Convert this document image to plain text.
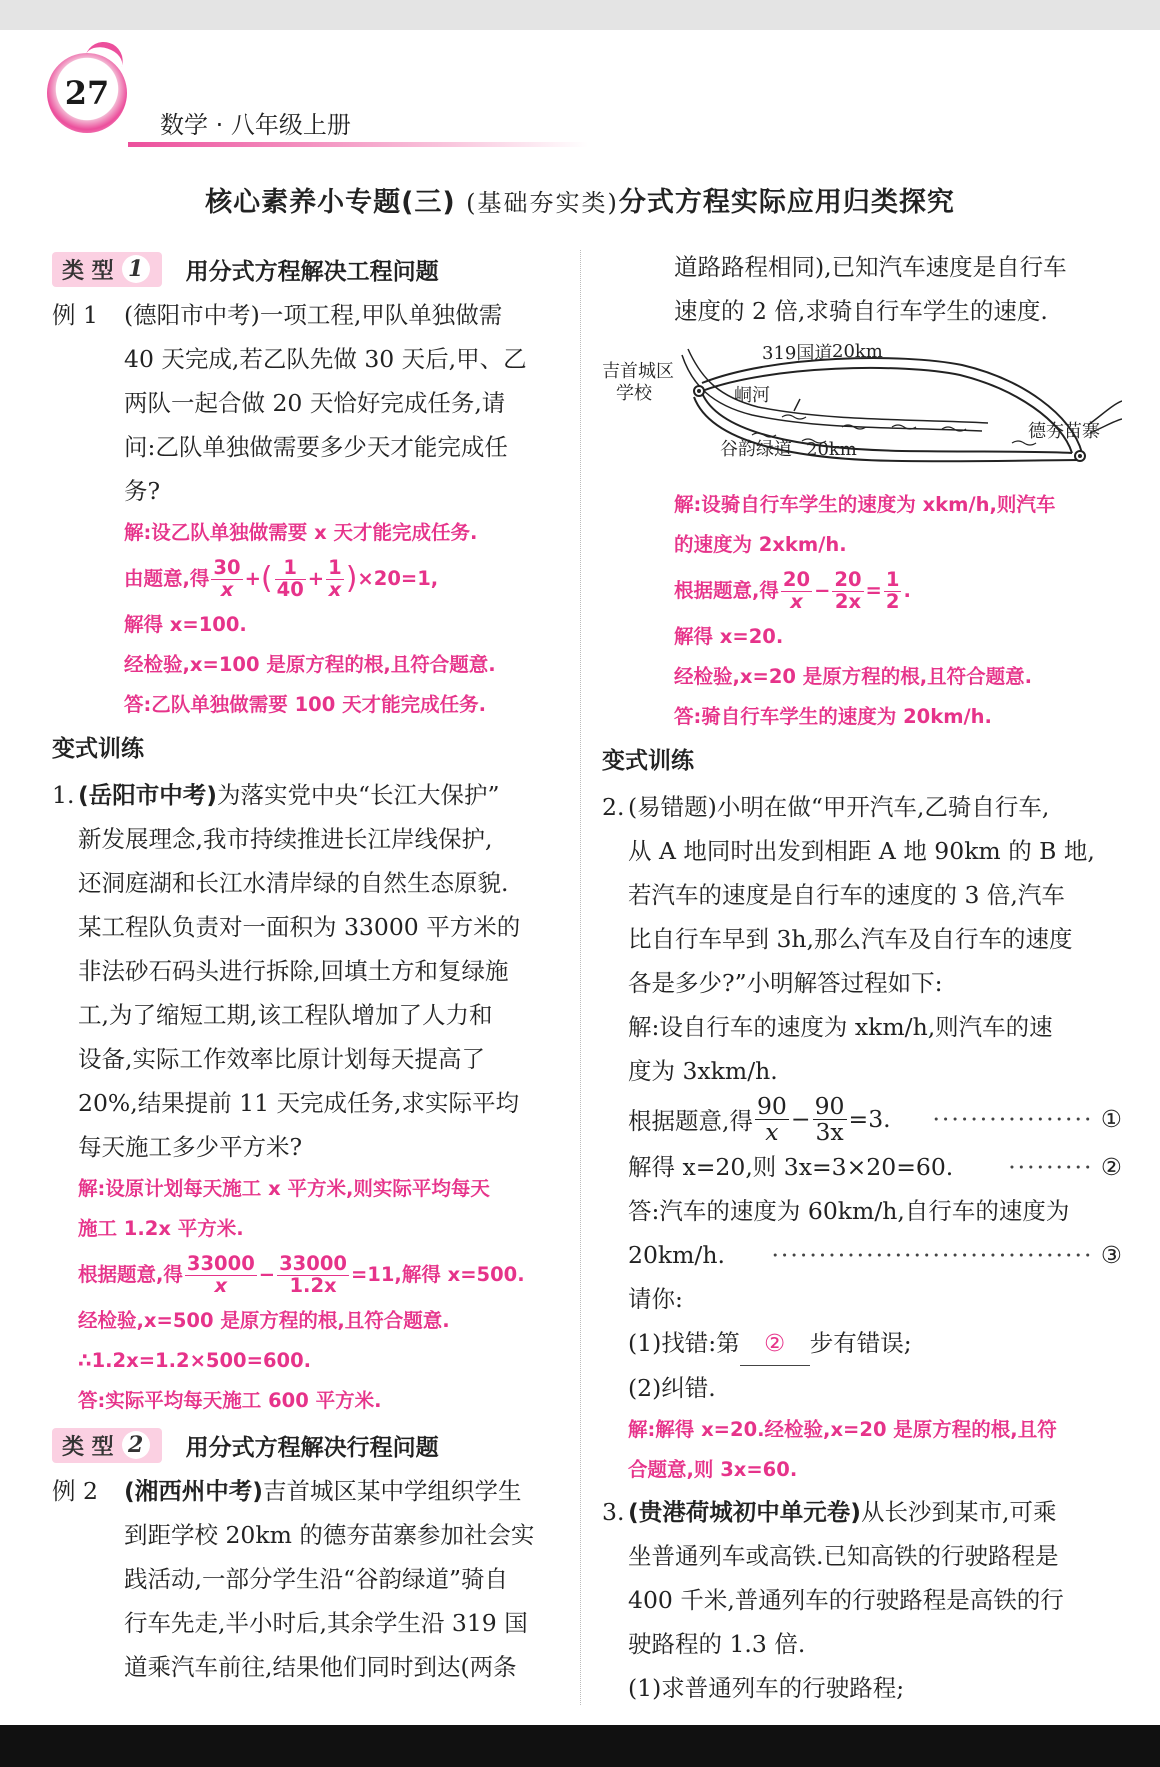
27
数学 · 八年级上册
核心素养小专题(三) (基础夯实类)分式方程实际应用归类探究
类 型 1 用分式方程解决工程问题
例 1	(德阳市中考)一项工程,甲队单独做需

40 天完成,若乙队先做 30 天后,甲、乙

两队一起合做 20 天恰好完成任务,请

问:乙队单独做需要多少天才能完成任

务?

解:设乙队单独做需要 x 天才能完成任务.

由题意,得 $\frac{30}{x}$ + ( $\frac{1}{40} + \frac{1}{x}$ ) ×20=1,

解得 x=100.

经检验,x=100 是原方程的根,且符合题意.

答:乙队单独做需要 100 天才能完成任务.

变式训练
1. (岳阳市中考)为落实党中央“长江大保护”

新发展理念,我市持续推进长江岸线保护,

还洞庭湖和长江水清岸绿的自然生态原貌.

某工程队负责对一面积为 33000 平方米的

非法砂石码头进行拆除,回填土方和复绿施

工,为了缩短工期,该工程队增加了人力和

设备,实际工作效率比原计划每天提高了

20%,结果提前 11 天完成任务,求实际平均

每天施工多少平方米?

解:设原计划每天施工 x 平方米,则实际平均每天

施工 1.2x 平方米.

根据题意,得 $\frac{33000}{x} - \frac{33000}{1.2x} =11$,解得 x=500.

经检验,x=500 是原方程的根,且符合题意.

∴1.2x=1.2×500=600.

答:实际平均每天施工 600 平方米.

类 型 2 用分式方程解决行程问题
例 2	(湘西州中考)吉首城区某中学组织学生

到距学校 20km 的德夯苗寨参加社会实

践活动,一部分学生沿“谷韵绿道”骑自

行车先走,半小时后,其余学生沿 319 国

道乘汽车前往,结果他们同时到达(两条

道路路程相同),已知汽车速度是自行车

速度的 2 倍,求骑自行车学生的速度.

吉首城区
学校
319国道 20km
峒河
德夯苗寨
谷韵绿道 20km

解:设骑自行车学生的速度为 xkm/h,则汽车

的速度为 2xkm/h.

根据题意,得 $\frac{20}{x} - \frac{20}{2x} = \frac{1}{2}$ .

解得 x=20.

经检验,x=20 是原方程的根,且符合题意.

答:骑自行车学生的速度为 20km/h.

变式训练
2. (易错题)小明在做“甲开汽车,乙骑自行车,

从 A 地同时出发到相距 A 地 90km 的 B 地,

若汽车的速度是自行车的速度的 3 倍,汽车

比自行车早到 3h,那么汽车及自行车的速度

各是多少?”小明解答过程如下:

解:设自行车的速度为 xkm/h,则汽车的速

度为 3xkm/h.

根据题意,得 $\frac{90}{x} - \frac{90}{3x} =3$. ················· ①

解得 x=20,则 3x=3×20=60. ········· ②

答:汽车的速度为 60km/h,自行车的速度为

20km/h. ·································· ③

请你:

(1)找错:第 ② 步有错误;

(2)纠错.

解:解得 x=20.经检验,x=20 是原方程的根,且符

合题意,则 3x=60.

3. (贵港荷城初中单元卷)从长沙到某市,可乘

坐普通列车或高铁.已知高铁的行驶路程是

400 千米,普通列车的行驶路程是高铁的行

驶路程的 1.3 倍.

(1)求普通列车的行驶路程;
